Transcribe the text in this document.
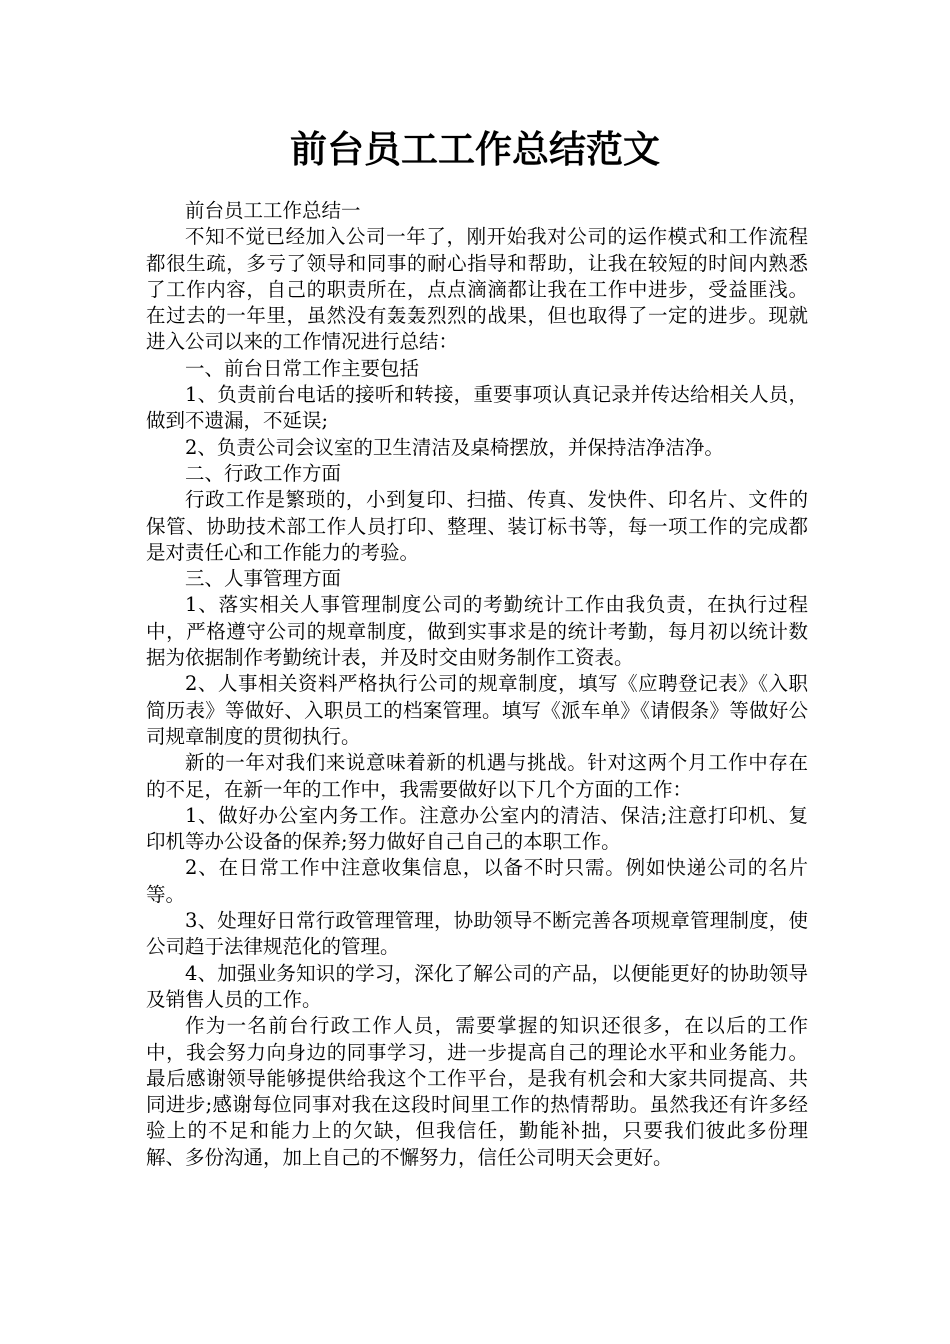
前台员工工作总结范文

前台员工工作总结一

不知不觉已经加入公司一年了，刚开始我对公司的运作模式和工作流程都很生疏，多亏了领导和同事的耐心指导和帮助，让我在较短的时间内熟悉了工作内容，自己的职责所在，点点滴滴都让我在工作中进步，受益匪浅。在过去的一年里，虽然没有轰轰烈烈的战果，但也取得了一定的进步。现就进入公司以来的工作情况进行总结：

一、前台日常工作主要包括

1、负责前台电话的接听和转接，重要事项认真记录并传达给相关人员，做到不遗漏，不延误;

2、负责公司会议室的卫生清洁及桌椅摆放，并保持洁净洁净。

二、行政工作方面

行政工作是繁琐的，小到复印、扫描、传真、发快件、印名片、文件的保管、协助技术部工作人员打印、整理、装订标书等，每一项工作的完成都是对责任心和工作能力的考验。

三、人事管理方面

1、落实相关人事管理制度公司的考勤统计工作由我负责，在执行过程中，严格遵守公司的规章制度，做到实事求是的统计考勤，每月初以统计数据为依据制作考勤统计表，并及时交由财务制作工资表。

2、人事相关资料严格执行公司的规章制度，填写《应聘登记表》《入职简历表》等做好、入职员工的档案管理。填写《派车单》《请假条》等做好公司规章制度的贯彻执行。

新的一年对我们来说意味着新的机遇与挑战。针对这两个月工作中存在的不足，在新一年的工作中，我需要做好以下几个方面的工作：

1、做好办公室内务工作。注意办公室内的清洁、保洁;注意打印机、复印机等办公设备的保养;努力做好自己自己的本职工作。

2、在日常工作中注意收集信息，以备不时只需。例如快递公司的名片等。

3、处理好日常行政管理管理，协助领导不断完善各项规章管理制度，使公司趋于法律规范化的管理。

4、加强业务知识的学习，深化了解公司的产品，以便能更好的协助领导及销售人员的工作。

作为一名前台行政工作人员，需要掌握的知识还很多，在以后的工作中，我会努力向身边的同事学习，进一步提高自己的理论水平和业务能力。最后感谢领导能够提供给我这个工作平台，是我有机会和大家共同提高、共同进步;感谢每位同事对我在这段时间里工作的热情帮助。虽然我还有许多经验上的不足和能力上的欠缺，但我信任，勤能补拙，只要我们彼此多份理解、多份沟通，加上自己的不懈努力，信任公司明天会更好。
